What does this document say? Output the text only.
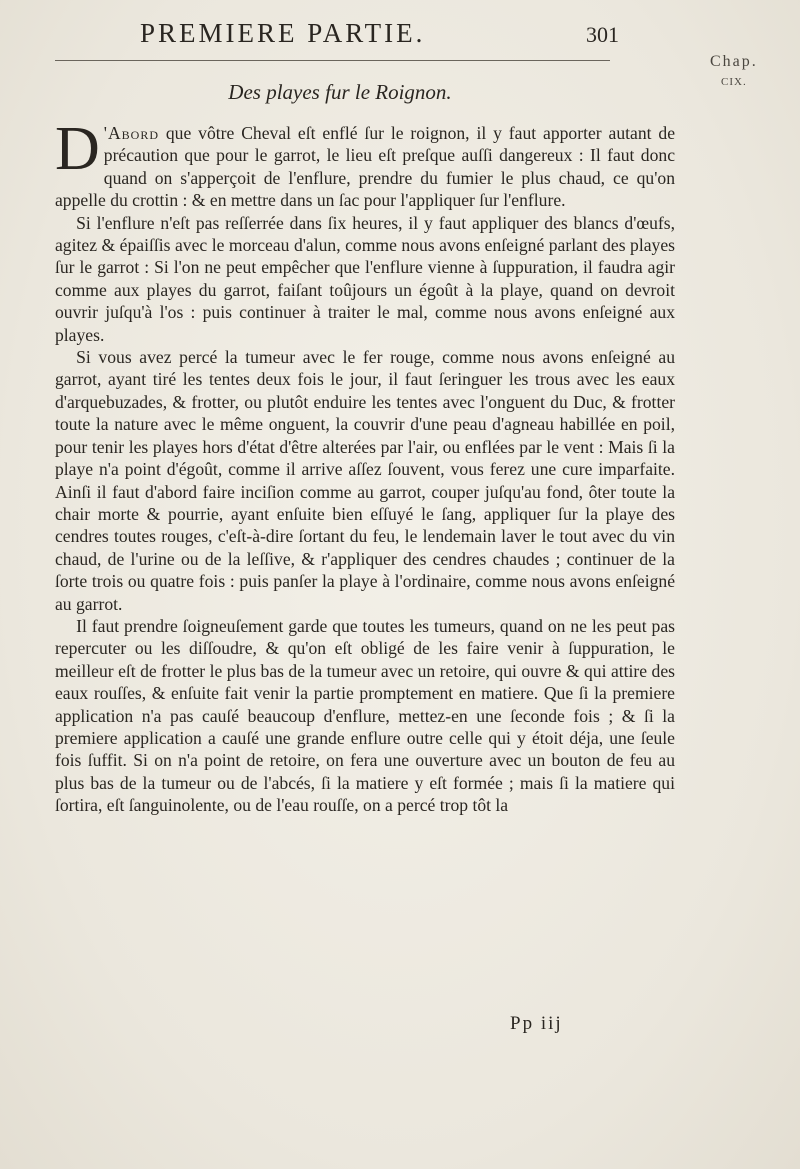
PREMIERE PARTIE.	301
Chap.
CIX.
Des playes fur le Roignon.

D 'Abord que vôtre Cheval eſt enflé ſur le roignon, il y faut apporter autant de précaution que pour le garrot, le lieu eſt preſque auſſi dangereux : Il faut donc quand on s'apperçoit de l'enflure, prendre du fumier le plus chaud, ce qu'on appelle du crottin : & en mettre dans un ſac pour l'appliquer ſur l'enflure.

Si l'enflure n'eſt pas reſſerrée dans ſix heures, il y faut appliquer des blancs d'œufs, agitez & épaiſſis avec le morceau d'alun, comme nous avons enſeigné parlant des playes ſur le garrot : Si l'on ne peut empêcher que l'enflure vienne à ſuppuration, il faudra agir comme aux playes du garrot, faiſant toûjours un égoût à la playe, quand on devroit ouvrir juſqu'à l'os : puis continuer à traiter le mal, comme nous avons enſeigné aux playes.

Si vous avez percé la tumeur avec le fer rouge, comme nous avons enſeigné au garrot, ayant tiré les tentes deux fois le jour, il faut ſeringuer les trous avec les eaux d'arquebuzades, & frotter, ou plutôt enduire les tentes avec l'onguent du Duc, & frotter toute la nature avec le même onguent, la couvrir d'une peau d'agneau habillée en poil, pour tenir les playes hors d'état d'être alterées par l'air, ou enflées par le vent : Mais ſi la playe n'a point d'égoût, comme il arrive aſſez ſouvent, vous ferez une cure imparfaite. Ainſi il faut d'abord faire inciſion comme au garrot, couper juſqu'au fond, ôter toute la chair morte & pourrie, ayant enſuite bien eſſuyé le ſang, appliquer ſur la playe des cendres toutes rouges, c'eſt-à-dire ſortant du feu, le lendemain laver le tout avec du vin chaud, de l'urine ou de la leſſive, & r'appliquer des cendres chaudes ; continuer de la ſorte trois ou quatre fois : puis panſer la playe à l'ordinaire, comme nous avons enſeigné au garrot.

Il faut prendre ſoigneuſement garde que toutes les tumeurs, quand on ne les peut pas repercuter ou les diſſoudre, & qu'on eſt obligé de les faire venir à ſuppuration, le meilleur eſt de frotter le plus bas de la tumeur avec un retoire, qui ouvre & qui attire des eaux rouſſes, & enſuite fait venir la partie promptement en matiere. Que ſi la premiere application n'a pas cauſé beaucoup d'enflure, mettez-en une ſeconde fois ; & ſi la premiere application a cauſé une grande enflure outre celle qui y étoit déja, une ſeule fois ſuffit. Si on n'a point de retoire, on fera une ouverture avec un bouton de feu au plus bas de la tumeur ou de l'abcés, ſi la matiere y eſt formée ; mais ſi la matiere qui ſortira, eſt ſanguinolente, ou de l'eau rouſſe, on a percé trop tôt la

Pp iij
